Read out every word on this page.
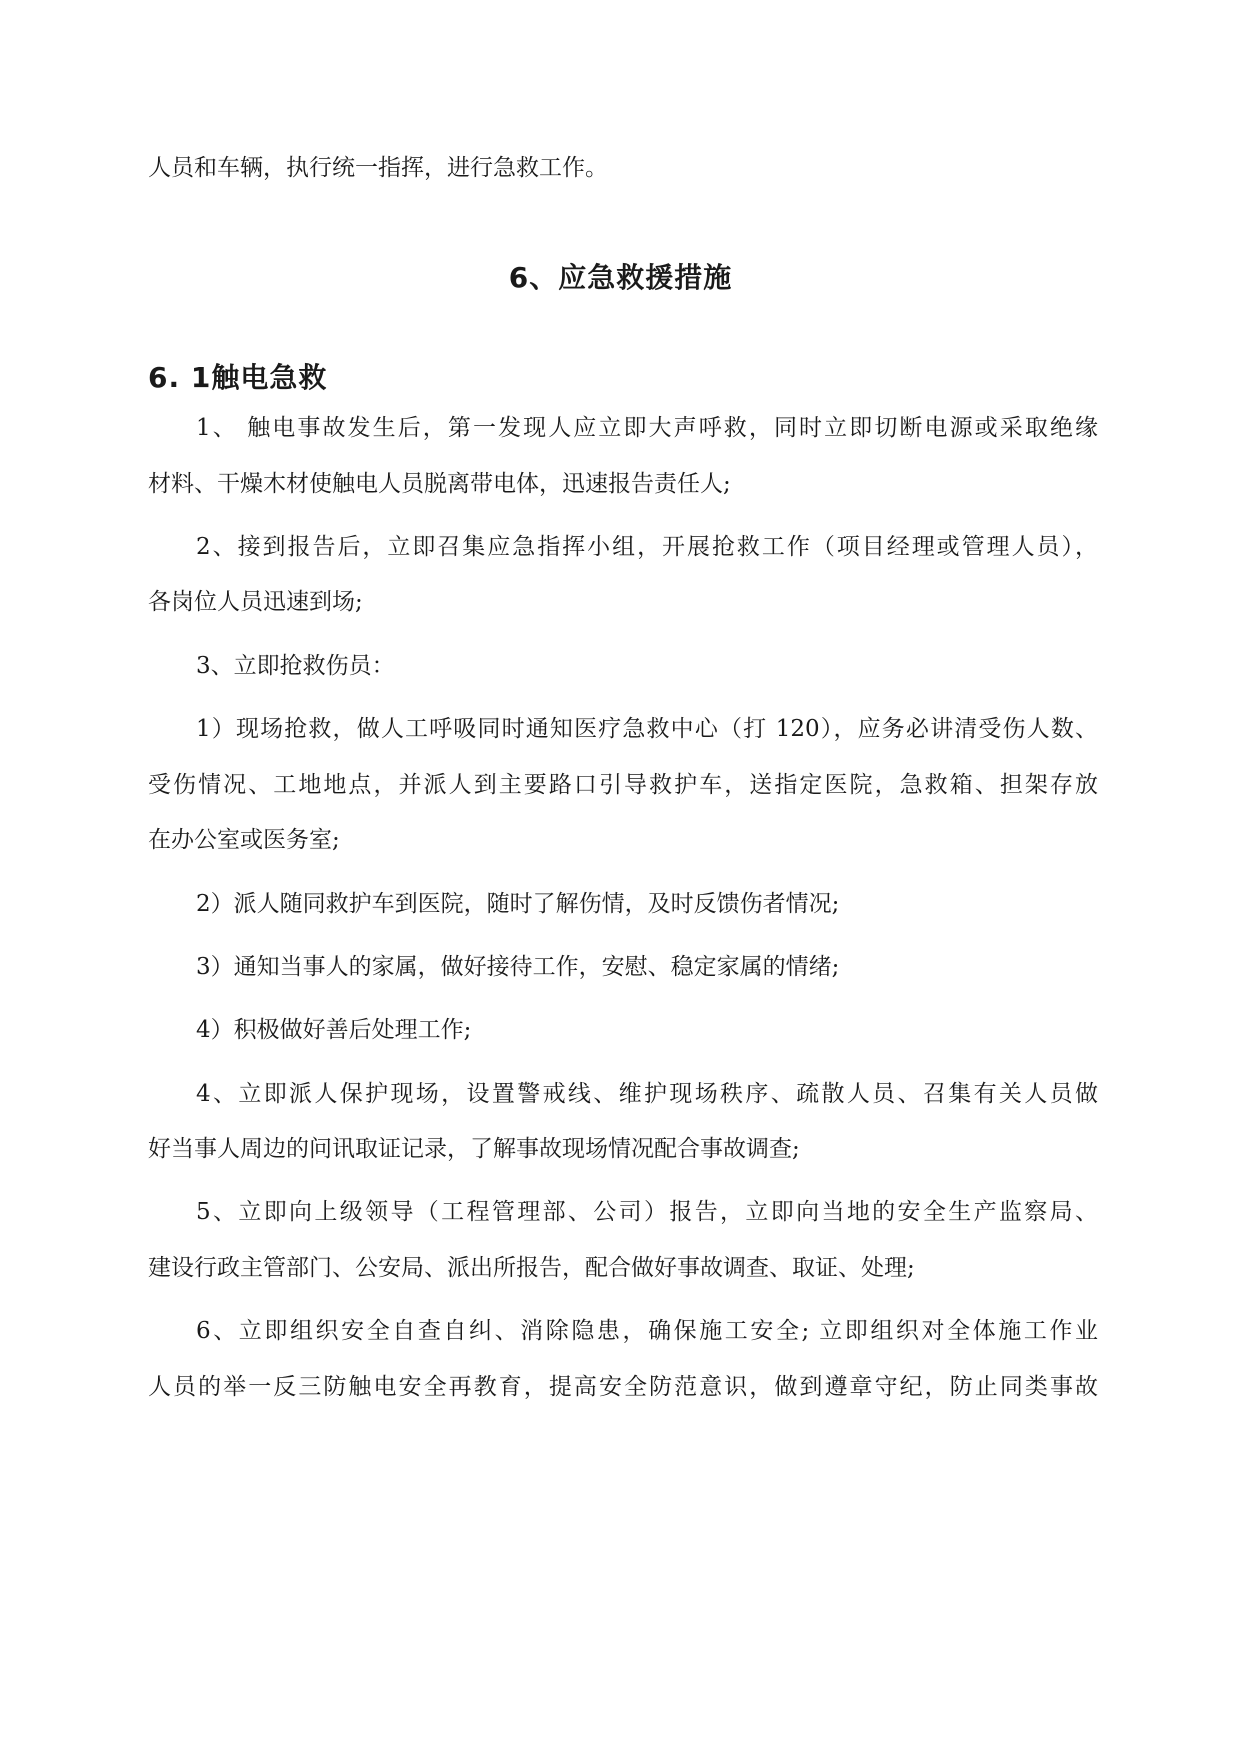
人员和车辆，执行统一指挥，进行急救工作。
6、应急救援措施
6. 1触电急救
1、 触电事故发生后，第一发现人应立即大声呼救，同时立即切断电源或采取绝缘
材料、干燥木材使触电人员脱离带电体，迅速报告责任人;
2、接到报告后，立即召集应急指挥小组，开展抢救工作（项目经理或管理人员），
各岗位人员迅速到场;
3、立即抢救伤员：
1）现场抢救，做人工呼吸同时通知医疗急救中心（打 120），应务必讲清受伤人数、
受伤情况、工地地点，并派人到主要路口引导救护车，送指定医院，急救箱、担架存放
在办公室或医务室;
2）派人随同救护车到医院，随时了解伤情，及时反馈伤者情况;
3）通知当事人的家属，做好接待工作，安慰、稳定家属的情绪;
4）积极做好善后处理工作;
4、立即派人保护现场，设置警戒线、维护现场秩序、疏散人员、召集有关人员做
好当事人周边的问讯取证记录，了解事故现场情况配合事故调查;
5、立即向上级领导（工程管理部、公司）报告，立即向当地的安全生产监察局、
建设行政主管部门、公安局、派出所报告，配合做好事故调查、取证、处理;
6、立即组织安全自查自纠、消除隐患，确保施工安全; 立即组织对全体施工作业
人员的举一反三防触电安全再教育，提高安全防范意识，做到遵章守纪，防止同类事故
